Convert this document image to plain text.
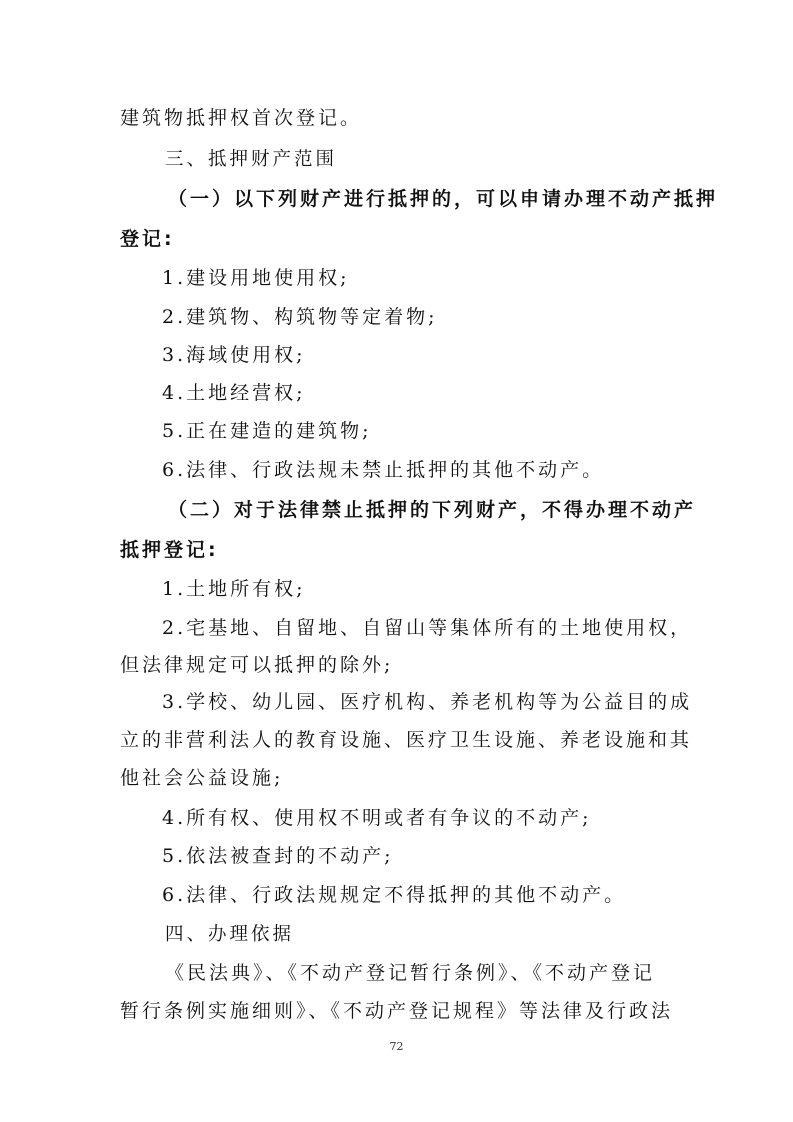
建筑物抵押权首次登记。
三、抵押财产范围
（一）以下列财产进行抵押的，可以申请办理不动产抵押
登记:
1.建设用地使用权;
2.建筑物、构筑物等定着物;
3.海域使用权;
4.土地经营权;
5.正在建造的建筑物;
6.法律、行政法规未禁止抵押的其他不动产。
（二）对于法律禁止抵押的下列财产，不得办理不动产
抵押登记:
1.土地所有权;
2.宅基地、自留地、自留山等集体所有的土地使用权，
但法律规定可以抵押的除外;
3.学校、幼儿园、医疗机构、养老机构等为公益目的成
立的非营利法人的教育设施、医疗卫生设施、养老设施和其
他社会公益设施;
4.所有权、使用权不明或者有争议的不动产;
5.依法被查封的不动产;
6.法律、行政法规规定不得抵押的其他不动产。
四、办理依据
《民法典》、《不动产登记暂行条例》、《不动产登记
暂行条例实施细则》、《不动产登记规程》等法律及行政法
72
